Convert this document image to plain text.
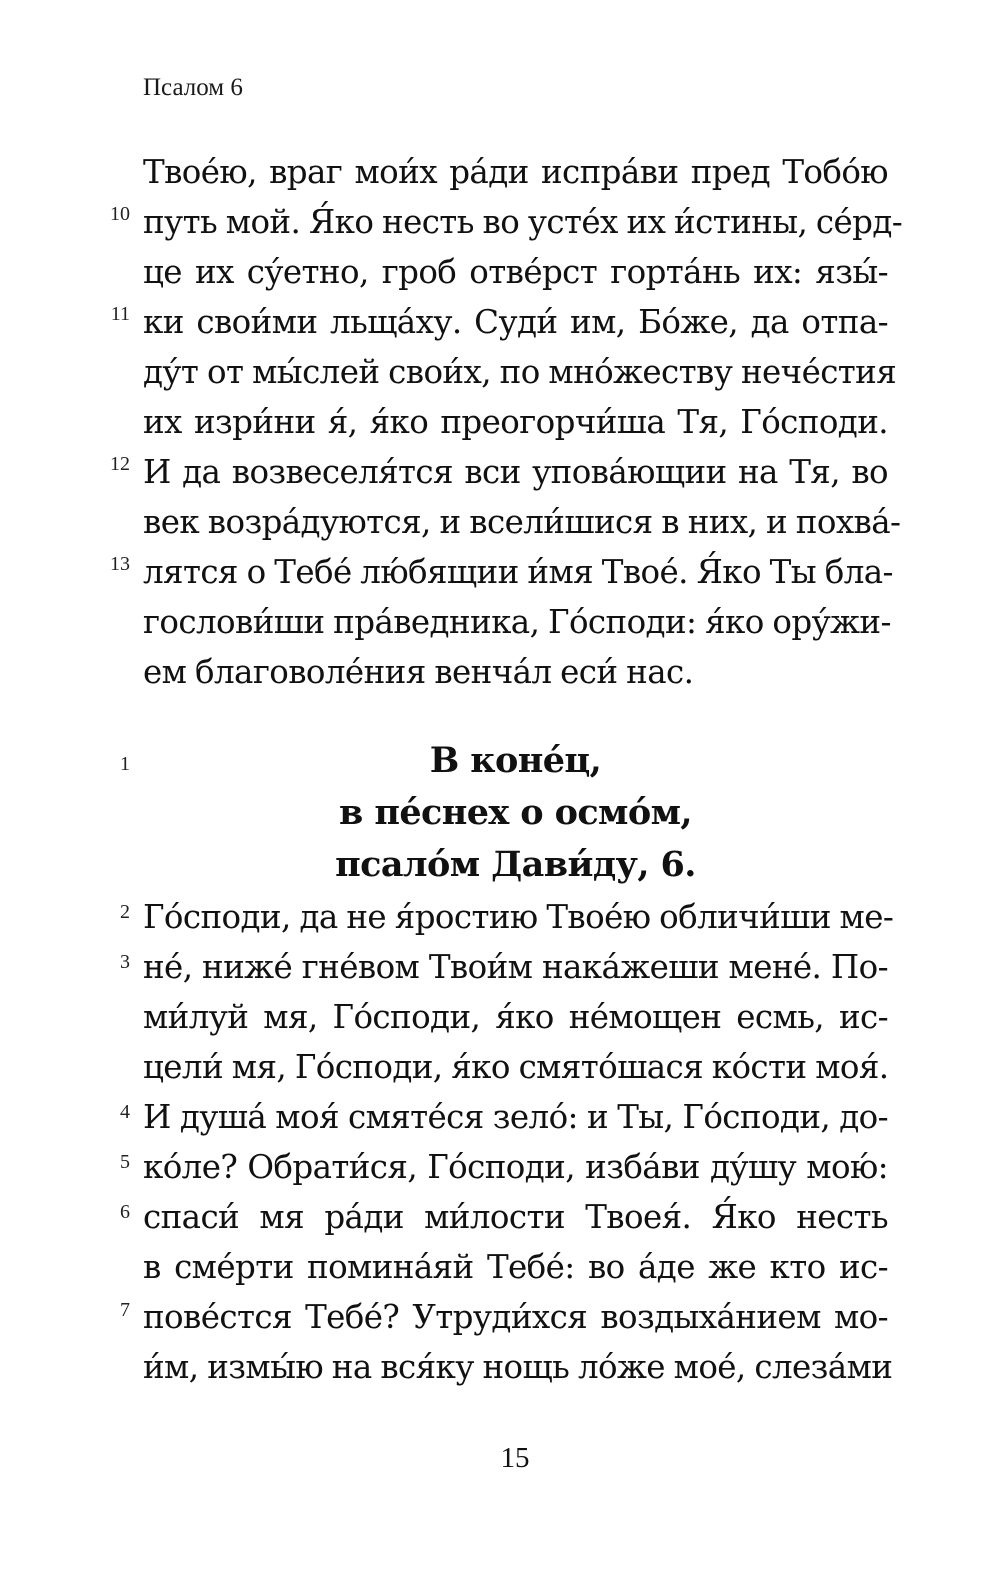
Псалом 6
Твое́ю, враг мои́х ра́ди испра́ви пред Тобо́ю
путь мой. Я́ко несть во усте́х их и́стины, се́рд-
це их су́етно, гроб отве́рст горта́нь их: язы́-
ки свои́ми льща́ху. Суди́ им, Бо́же, да отпа-
ду́т от мы́слей свои́х, по мно́жеству нече́стия
их изри́ни я́, я́ко преогорчи́ша Тя, Го́споди.
И да возвеселя́тся вси упова́ющии на Тя, во
век возра́дуются, и всели́шися в них, и похва́-
лятся о Тебе́ лю́бящии и́мя Твое́. Я́ко Ты бла-
гослови́ши пра́ведника, Го́споди: я́ко ору́жи-
ем благоволе́ния венча́л еси́ нас.
10
11
12
13
1	В коне́ц,
в пе́снех о осмо́м,
псало́м Дави́ду, 6.
Го́споди, да не я́ростию Твое́ю обличи́ши ме-
не́, ниже́ гне́вом Твои́м нака́жеши мене́. По-
ми́луй мя, Го́споди, я́ко не́мощен есмь, ис-
цели́ мя, Го́споди, я́ко смято́шася ко́сти моя́.
И душа́ моя́ смяте́ся зело́: и Ты, Го́споди, до-
ко́ле? Обрати́ся, Го́споди, изба́ви ду́шу мою́:
спаси́ мя ра́ди ми́лости Твоея́. Я́ко несть
в сме́рти помина́яй Тебе́: во а́де же кто ис-
пове́стся Тебе́? Утруди́хся воздыха́нием мо-
и́м, измы́ю на вся́ку нощь ло́же мое́, слеза́ми
2
3
4
5
6
7
15
